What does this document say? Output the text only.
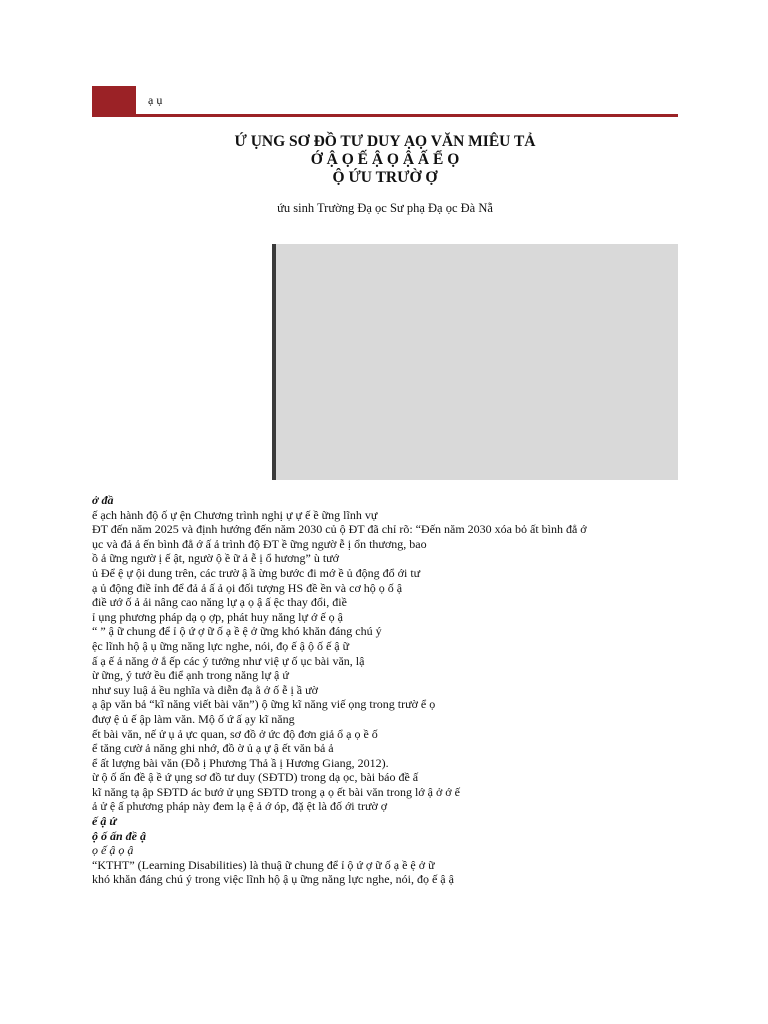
ạ ụ
Ứ ỤNG SƠ ĐỒ TƯ DUY ẠỌ VĂN MIÊU TẢ
Ớ Ậ Ọ Ế Ậ Ọ Ậ Ấ Ể Ọ
Ộ ỨU TRƯỜ Ợ
ứu sinh Trường Đạ ọc Sư phạ Đạ ọc Đà Nẵ
ở đầ
ế ạch hành độ ố ự ện Chương trình nghị ự ự ế ề ững lĩnh vự
ĐT đến năm 2025 và định hướng đến năm 2030 củ ộ ĐT đã chỉ rõ: “Đến năm 2030 xóa bỏ ất bình đẳ ớ
ục và đả ả ến bình đẳ ớ ấ ả trình độ ĐT ề ững ngườ ễ ị ổn thương, bao
ồ ả ững ngườ ị ế ật, ngườ ộ ề ữ ả ễ ị ổ hương” ù tướ
ủ Để ệ ự ội dung trên, các trườ ậ ầ ừng bước đi mớ ề ủ động đổ ới tư
ạ ủ động điề ỉnh để đả ả ấ ả ọi đối tượng HS đề ền và cơ hộ ọ ố ậ
điề ướ ố ả ải nâng cao năng lự ạ ọ ậ ấ ệc thay đổi, điề
ỉ ụng phương pháp dạ ọ ợp, phát huy năng lự ớ ế ọ ậ
“ ” ậ ữ chung để ỉ ộ ứ ợ ữ ố ạ ề ệ ở ững khó khăn đáng chú ý
ệc lĩnh hộ ậ ụ ững năng lực nghe, nói, đọ ế ậ ộ ố ế ậ ữ
ấ ạ ế ả năng ở ắ ếp các ý tưởng như việ ự ố ục bài văn, lậ
ừ ững, ý tưở ều điể ạnh trong năng lự ậ ứ
như suy luậ ả ều nghĩa và diễn đạ ằ ở ố ễ ị ầ ườ
ạ ập văn bả “kĩ năng viết bài văn”) ộ ững kĩ năng viế ọng trong trườ ể ọ
đượ ệ ủ ế ập làm văn. Mộ ố ứ ấ ạy kĩ năng
ết bài văn, nế ử ụ ả ực quan, sơ đồ ở ức độ đơn giả ổ ạ ọ ề ố
ể tăng cườ ả năng ghi nhớ, đồ ờ ủ ạ ự ậ ết văn bả ả
ể ất lượng bài văn (Đỗ ị Phương Thả ầ ị Hương Giang, 2012).
ừ ộ ố ấn đề ậ ề ứ ụng sơ đồ tư duy (SĐTD) trong dạ ọc, bài báo đề ấ
kĩ năng tạ ập SĐTD ác bướ ử ụng SĐTD trong ạ ọ ết bài văn trong lớ ậ ở ớ ế
ả ử ệ ấ phương pháp này đem lạ ệ ả ớ óp, đặ ệt là đố ới trườ ợ
ế ậ ứ
ộ ố ấn đề ậ
ọ ế ậ ọ ậ
“KTHT” (Learning Disabilities) là thuậ ữ chung để ỉ ộ ứ ợ ữ ố ạ ề ệ ở ữ
khó khăn đáng chú ý trong việc lĩnh hộ ậ ụ ững năng lực nghe, nói, đọ ế ậ ậ
